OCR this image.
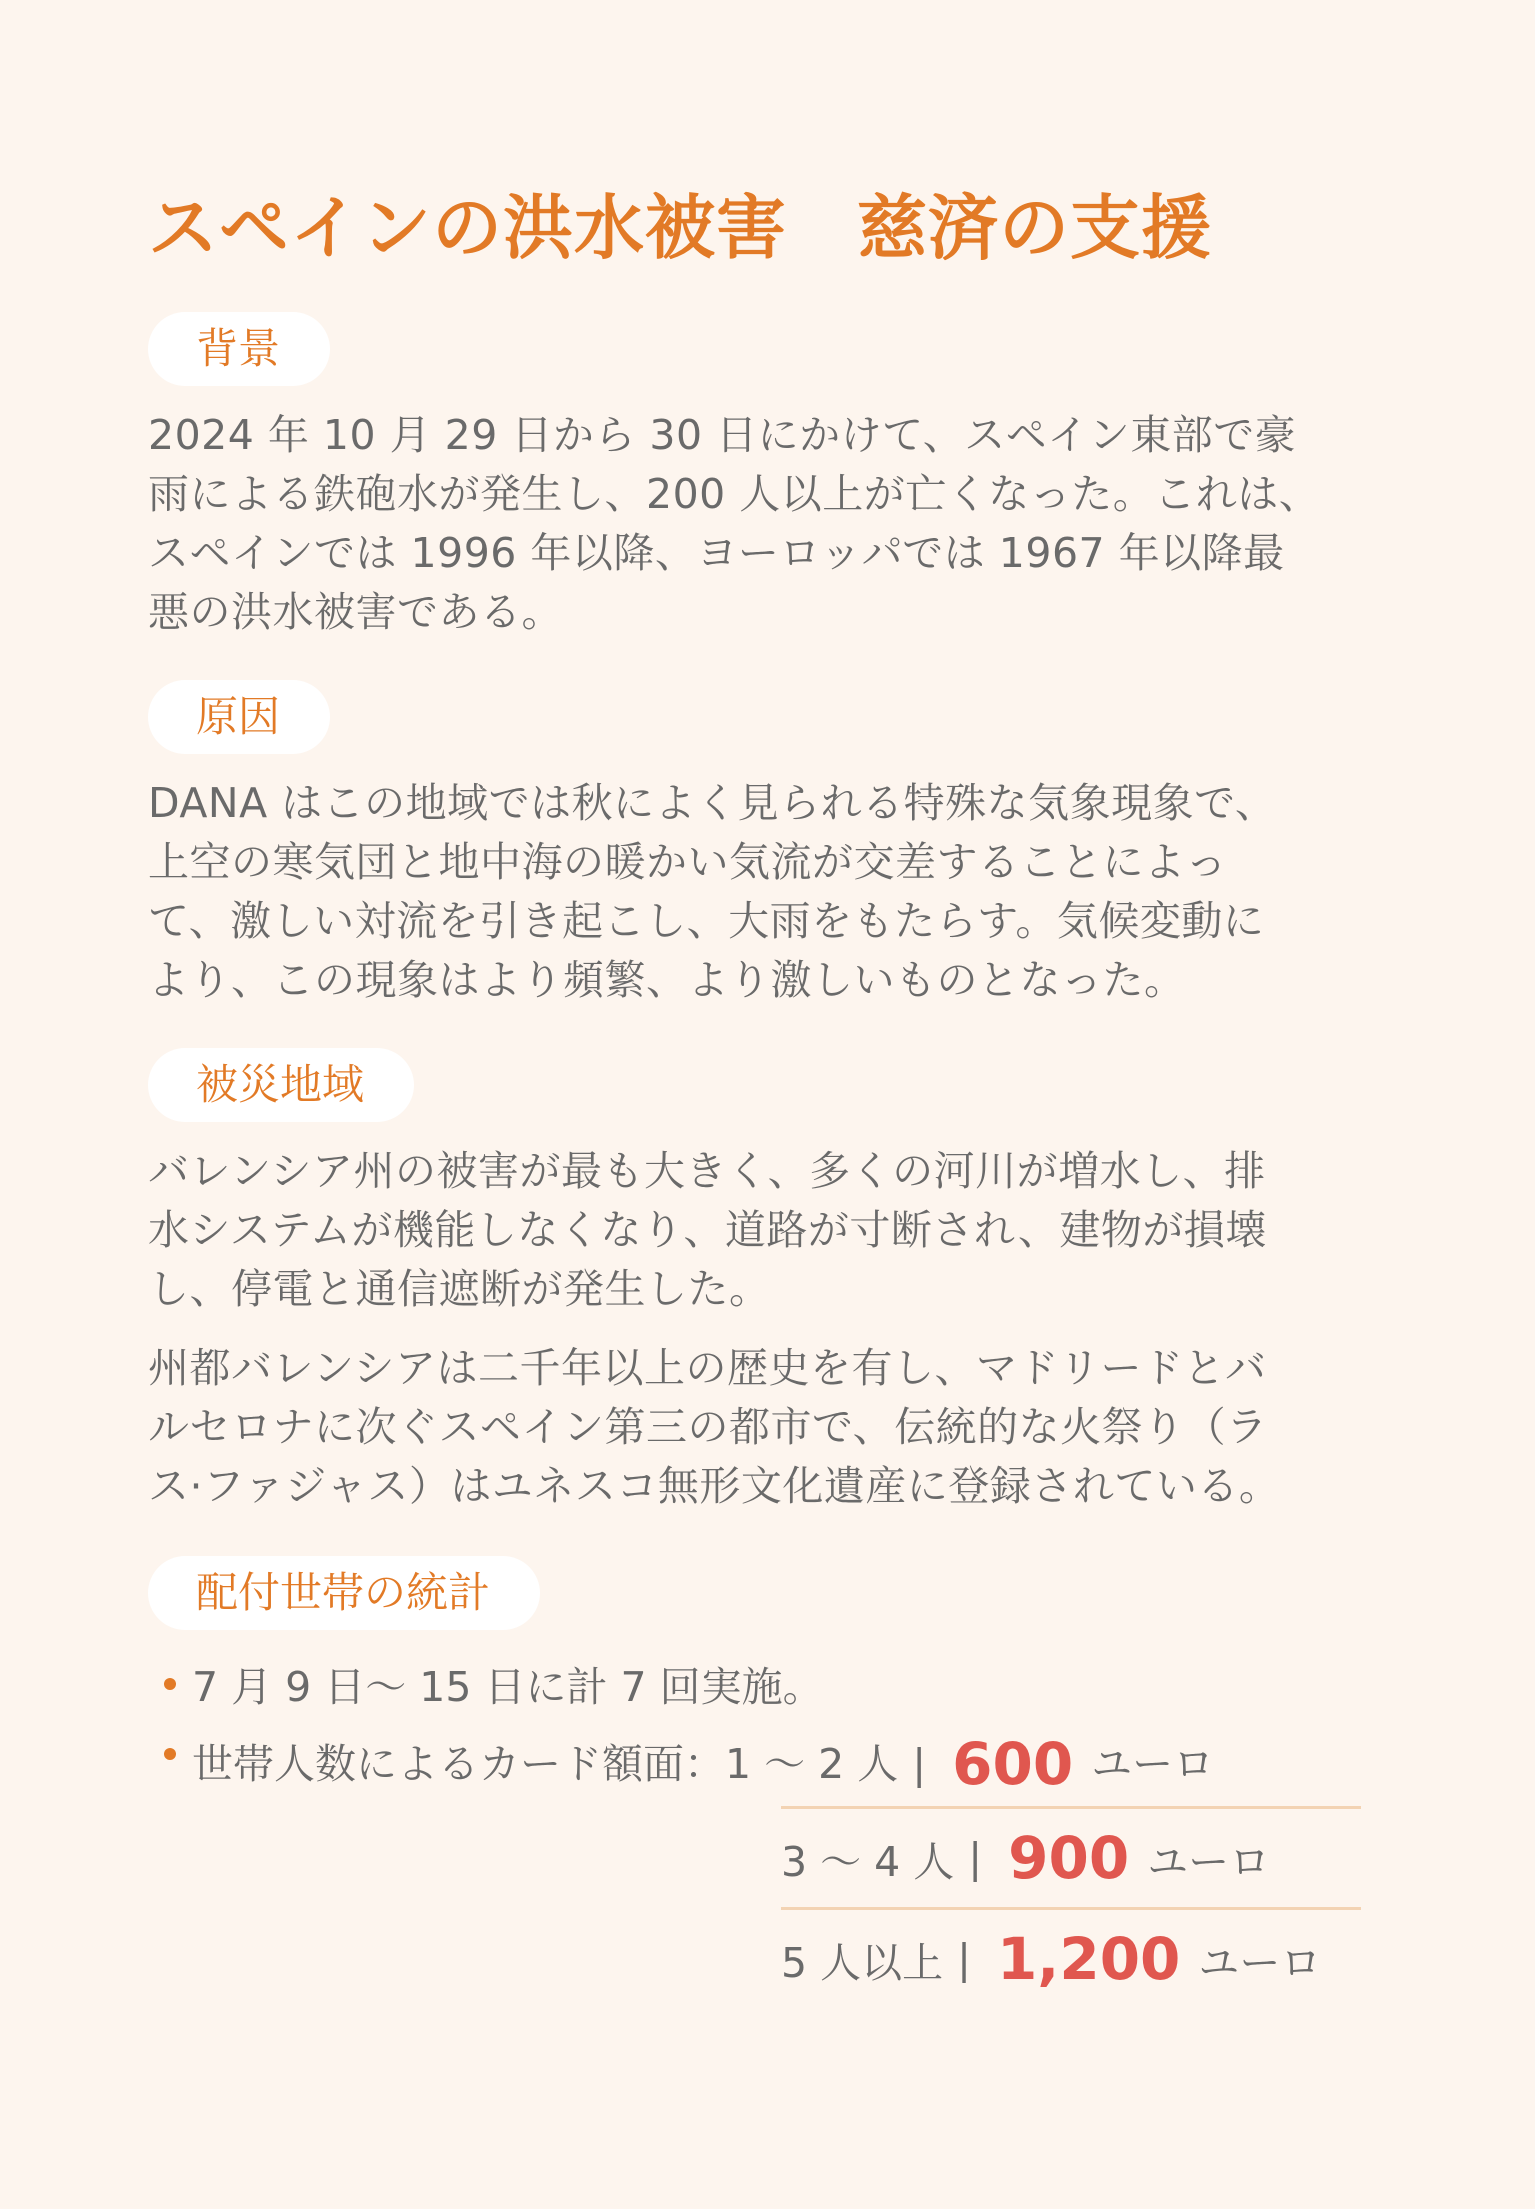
スペインの洪水被害 慈済の支援
背景

2024 年 10 月 29 日から 30 日にかけて、スペイン東部で豪
雨による鉄砲水が発生し、200 人以上が亡くなった。これは、
スペインでは 1996 年以降、ヨーロッパでは 1967 年以降最
悪の洪水被害である。

原因

DANA はこの地域では秋によく見られる特殊な気象現象で、
上空の寒気団と地中海の暖かい気流が交差することによっ
て、激しい対流を引き起こし、大雨をもたらす。気候変動に
より、この現象はより頻繁、より激しいものとなった。

被災地域

バレンシア州の被害が最も大きく、多くの河川が増水し、排
水システムが機能しなくなり、道路が寸断され、建物が損壊
し、停電と通信遮断が発生した。

州都バレンシアは二千年以上の歴史を有し、マドリードとバ
ルセロナに次ぐスペイン第三の都市で、伝統的な火祭り（ラ
ス·ファジャス）はユネスコ無形文化遺産に登録されている。

配付世帯の統計
7 月 9 日〜 15 日に計 7 回実施。
世帯人数によるカード額面： 1 〜 2 人 | 600 ユーロ
3 〜 4 人 | 900 ユーロ
5 人以上 | 1,200 ユーロ
